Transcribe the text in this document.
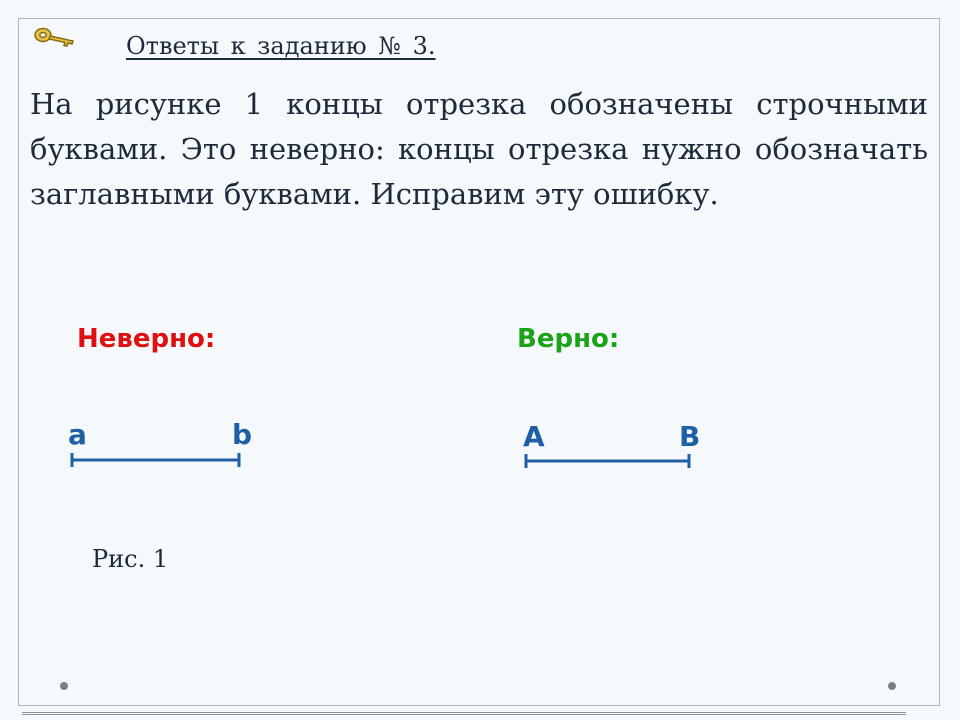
Ответы к заданию № 3.
На рисунке 1 концы отрезка обозначены строчными буквами. Это неверно: концы отрезка нужно обозначать заглавными буквами. Исправим эту ошибку.
Неверно:	Верно:
a	b	A	B
Рис. 1
